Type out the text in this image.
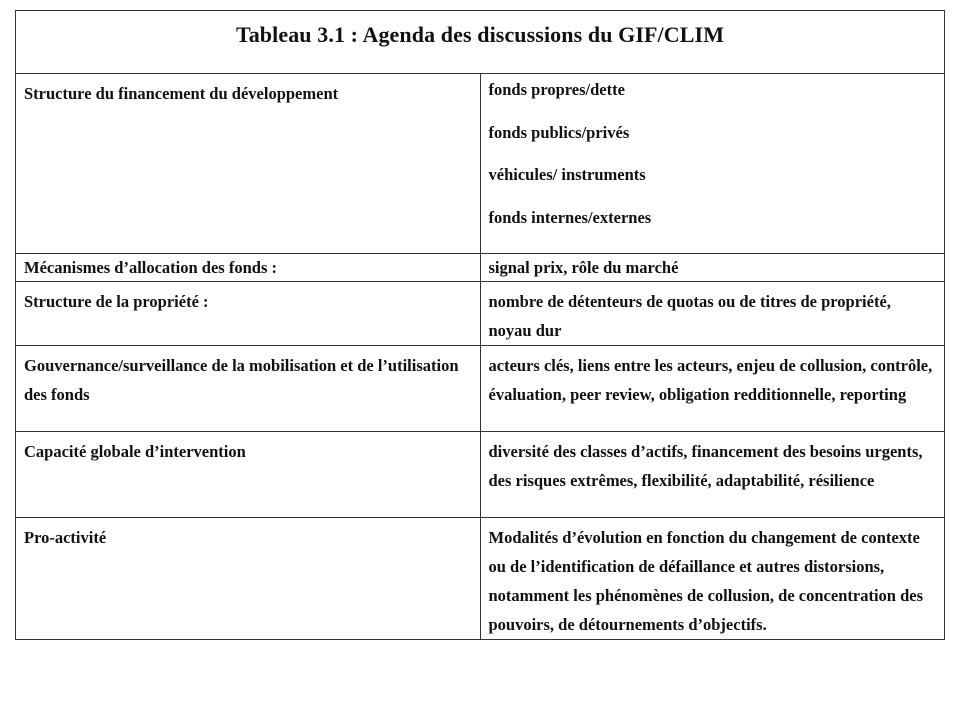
Tableau 3.1 : Agenda des discussions du GIF/CLIM	

Structure du financement du développement	fonds propres/dette
fonds publics/privés
véhicules/ instruments
fonds internes/externes

Mécanismes d’allocation des fonds :	signal prix, rôle du marché

Structure de la propriété :	nombre de détenteurs de quotas ou de titres de propriété, noyau dur

Gouvernance/surveillance de la mobilisation et de l’utilisation des fonds	acteurs clés, liens entre les acteurs, enjeu de collusion, contrôle, évaluation, peer review, obligation redditionnelle, reporting

Capacité globale d’intervention	diversité des classes d’actifs, financement des besoins urgents, des risques extrêmes, flexibilité, adaptabilité, résilience

Pro-activité	Modalités d’évolution en fonction du changement de contexte ou de l’identification de défaillance et autres distorsions, notamment les phénomènes de collusion, de concentration des pouvoirs, de détournements d’objectifs.
